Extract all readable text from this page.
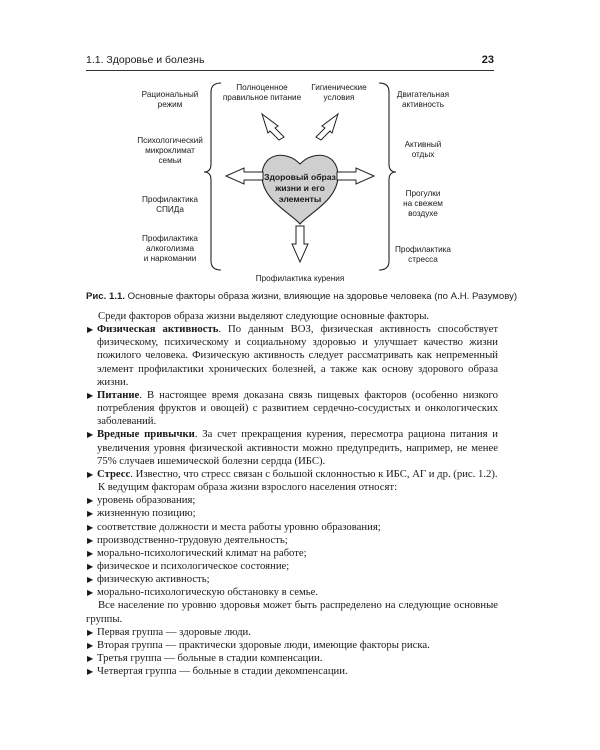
1.1. Здоровье и болезнь	23
Здоровый образ
жизни и его
элементы
Полноценное
правильное питание
Гигиенические
условия
Профилактика курения
Рациональный
режим
Психологический
микроклимат
семьи
Профилактика
СПИДа
Профилактика
алкоголизма
и наркомании
Двигательная
активность
Активный
отдых
Прогулки
на свежем
воздухе
Профилактика
стресса
Рис. 1.1. Основные факторы образа жизни, влияющие на здоровье человека (по А.Н. Разумову)

Среди факторов образа жизни выделяют следующие основные факторы.

▶ Физическая активность. По данным ВОЗ, физическая активность способствует физическому, психическому и социальному здоровью и улучшает качество жизни пожилого человека. Физическую активность следует рассматривать как непременный элемент профилактики хронических болезней, а также как основу здорового образа жизни.

▶ Питание. В настоящее время доказана связь пищевых факторов (особенно низкого потребления фруктов и овощей) с развитием сердечно-сосудистых и онкологических заболеваний.

▶ Вредные привычки. За счет прекращения курения, пересмотра рациона питания и увеличения уровня физической активности можно предупредить, например, не менее 75% случаев ишемической болезни сердца (ИБС).

▶ Стресс. Известно, что стресс связан с большой склонностью к ИБС, АГ и др. (рис. 1.2).

К ведущим факторам образа жизни взрослого населения относят:

▶ уровень образования;

▶ жизненную позицию;

▶ соответствие должности и места работы уровню образования;

▶ производственно-трудовую деятельность;

▶ морально-психологический климат на работе;

▶ физическое и психологическое состояние;

▶ физическую активность;

▶ морально-психологическую обстановку в семье.

Все население по уровню здоровья может быть распределено на следующие основные группы.

▶ Первая группа — здоровые люди.

▶ Вторая группа — практически здоровые люди, имеющие факторы риска.

▶ Третья группа — больные в стадии компенсации.

▶ Четвертая группа — больные в стадии декомпенсации.
